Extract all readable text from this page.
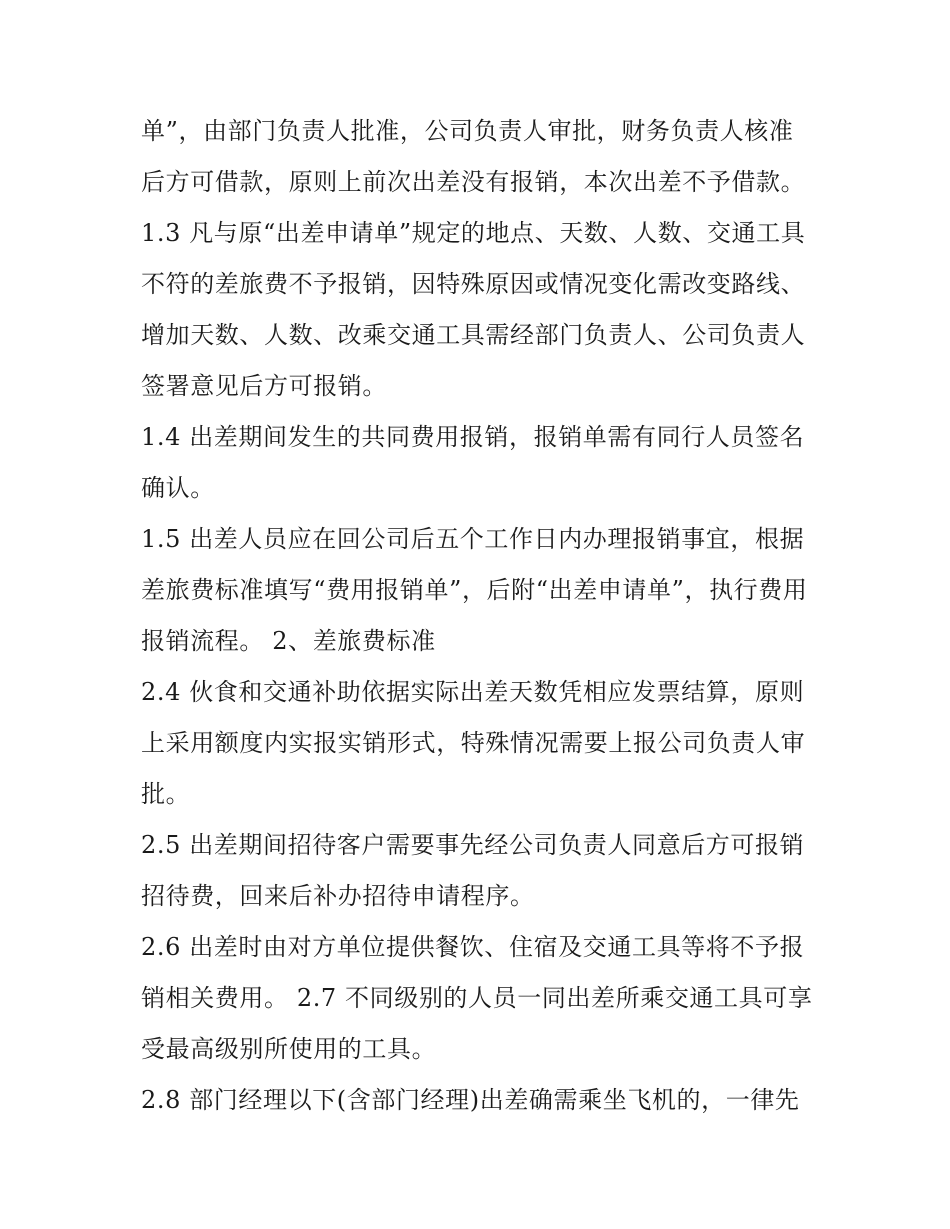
单”，由部门负责人批准，公司负责人审批，财务负责人核准
后方可借款，原则上前次出差没有报销，本次出差不予借款。
1.3 凡与原“出差申请单”规定的地点、天数、人数、交通工具
不符的差旅费不予报销，因特殊原因或情况变化需改变路线、
增加天数、人数、改乘交通工具需经部门负责人、公司负责人
签署意见后方可报销。
1.4 出差期间发生的共同费用报销，报销单需有同行人员签名
确认。
1.5 出差人员应在回公司后五个工作日内办理报销事宜，根据
差旅费标准填写“费用报销单”，后附“出差申请单”，执行费用
报销流程。 2、差旅费标准
2.4 伙食和交通补助依据实际出差天数凭相应发票结算，原则
上采用额度内实报实销形式，特殊情况需要上报公司负责人审
批。
2.5 出差期间招待客户需要事先经公司负责人同意后方可报销
招待费，回来后补办招待申请程序。
2.6 出差时由对方单位提供餐饮、住宿及交通工具等将不予报
销相关费用。 2.7 不同级别的人员一同出差所乘交通工具可享
受最高级别所使用的工具。
2.8 部门经理以下(含部门经理)出差确需乘坐飞机的，一律先
